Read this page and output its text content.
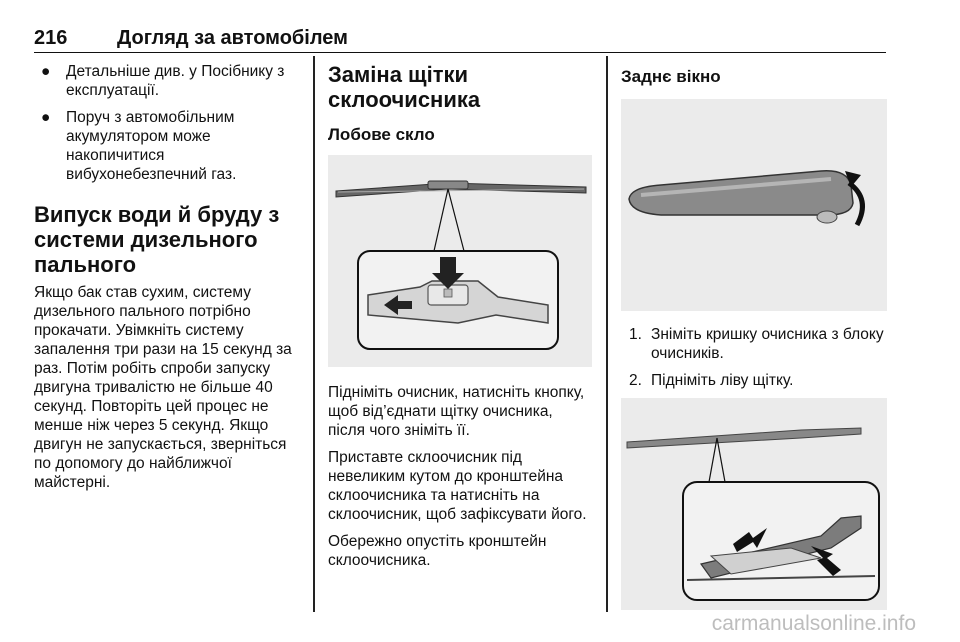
216 Догляд за автомобілем
● Детальніше див. у Посібнику з експлуатації.
● Поруч з автомобільним акумулятором може накопичитися вибухонебезпечний газ.
Випуск води й бруду з системи дизельного пального

Якщо бак став сухим, систему дизельного пального потрібно прокачати. Увімкніть систему запалення три рази на 15 секунд за раз. Потім робіть спроби запуску двигуна тривалістю не більше 40 секунд. Повторіть цей процес не менше ніж через 5 секунд. Якщо двигун не запускається, зверніться по допомогу до найближчої майстерні.

Заміна щітки склоочисника
Лобове скло

Підніміть очисник, натисніть кнопку, щоб від’єднати щітку очисника, після чого зніміть її.

Приставте склоочисник під невеликим кутом до кронштейна склоочисника та натисніть на склоочисник, щоб зафіксувати його.

Обережно опустіть кронштейн склоочисника.

Заднє вікно
1. Зніміть кришку очисника з блоку очисників.
2. Підніміть ліву щітку.
carmanualsonline.info
